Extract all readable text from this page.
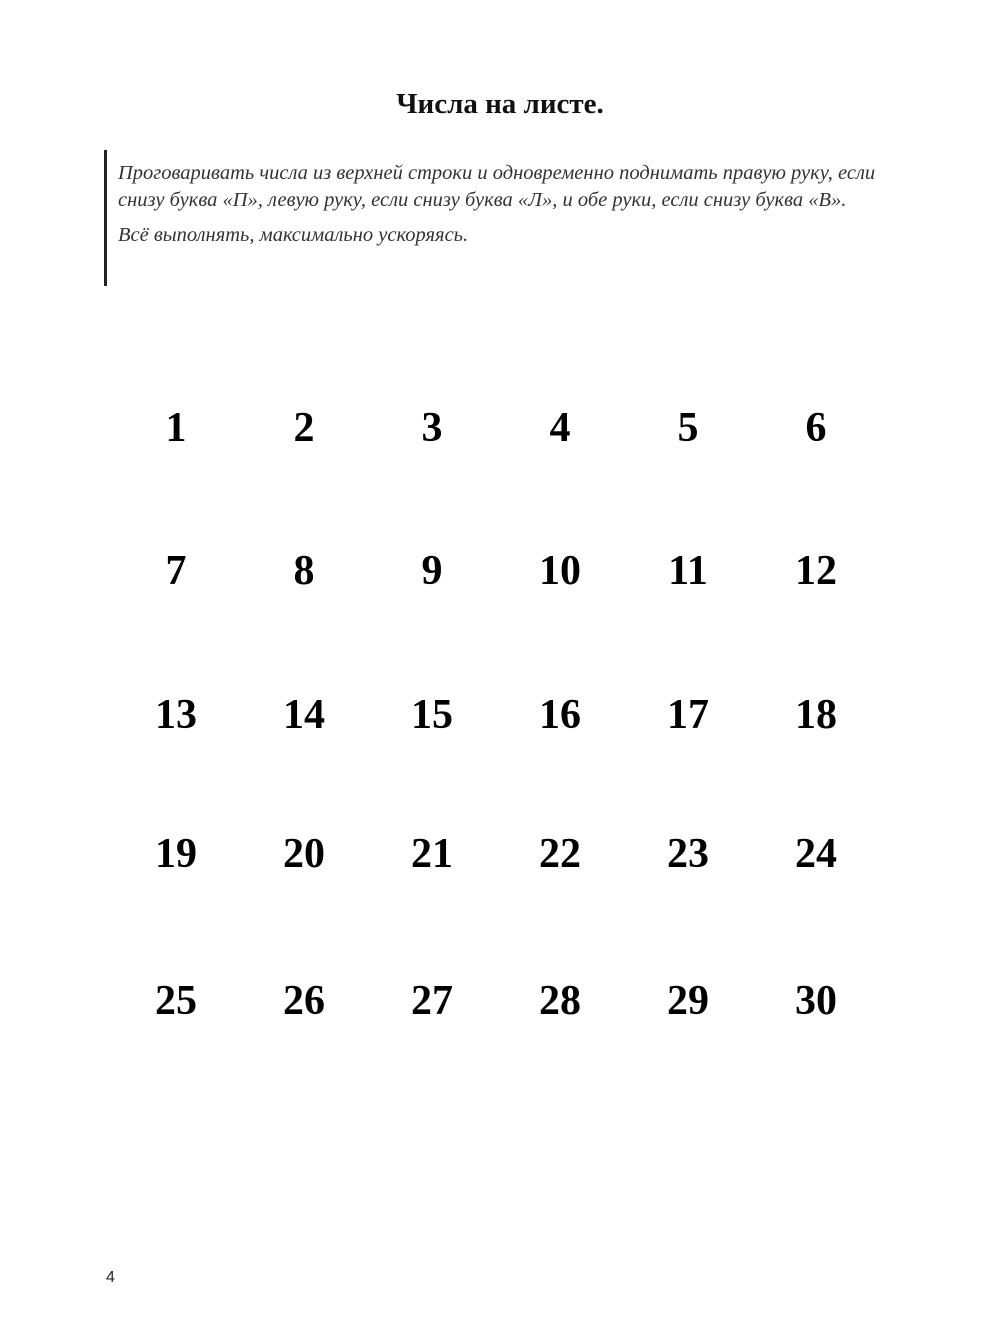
Числа на листе.

Проговаривать числа из верхней строки и одновременно поднимать правую руку, если снизу буква «П», левую руку, если снизу буква «Л», и обе руки, если снизу буква «В».

Всё выполнять, максимально ускоряясь.

1	2	3	4	5	6
7	8	9	10	11	12
13	14	15	16	17	18
19	20	21	22	23	24
25	26	27	28	29	30
4
